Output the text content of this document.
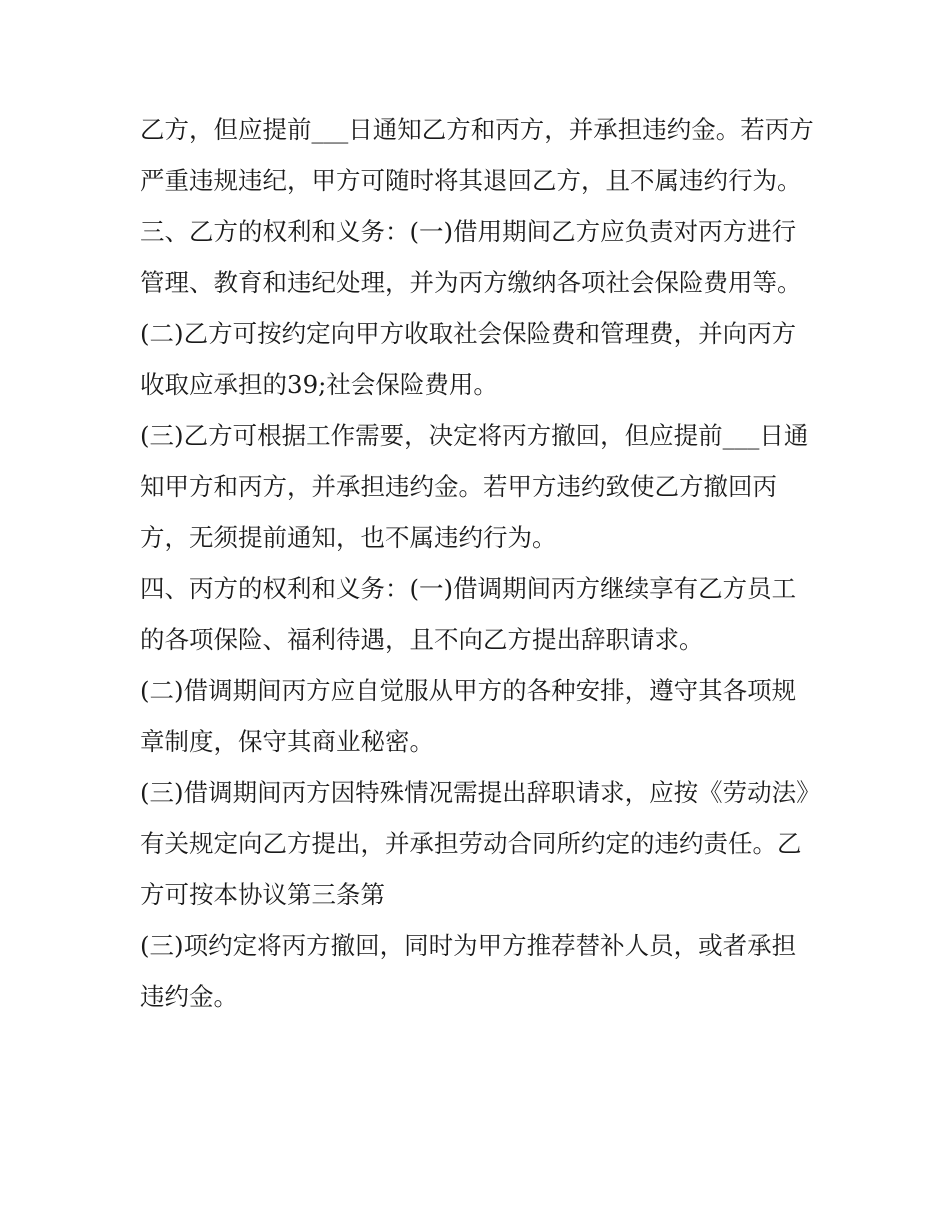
乙方，但应提前___日通知乙方和丙方，并承担违约金。若丙方严重违规违纪，甲方可随时将其退回乙方，且不属违约行为。

三、乙方的权利和义务：(一)借用期间乙方应负责对丙方进行管理、教育和违纪处理，并为丙方缴纳各项社会保险费用等。

(二)乙方可按约定向甲方收取社会保险费和管理费，并向丙方收取应承担的39;社会保险费用。

(三)乙方可根据工作需要，决定将丙方撤回，但应提前___日通知甲方和丙方，并承担违约金。若甲方违约致使乙方撤回丙方，无须提前通知，也不属违约行为。

四、丙方的权利和义务：(一)借调期间丙方继续享有乙方员工的各项保险、福利待遇，且不向乙方提出辞职请求。

(二)借调期间丙方应自觉服从甲方的各种安排，遵守其各项规章制度，保守其商业秘密。

(三)借调期间丙方因特殊情况需提出辞职请求，应按《劳动法》有关规定向乙方提出，并承担劳动合同所约定的违约责任。乙方可按本协议第三条第

(三)项约定将丙方撤回，同时为甲方推荐替补人员，或者承担违约金。
